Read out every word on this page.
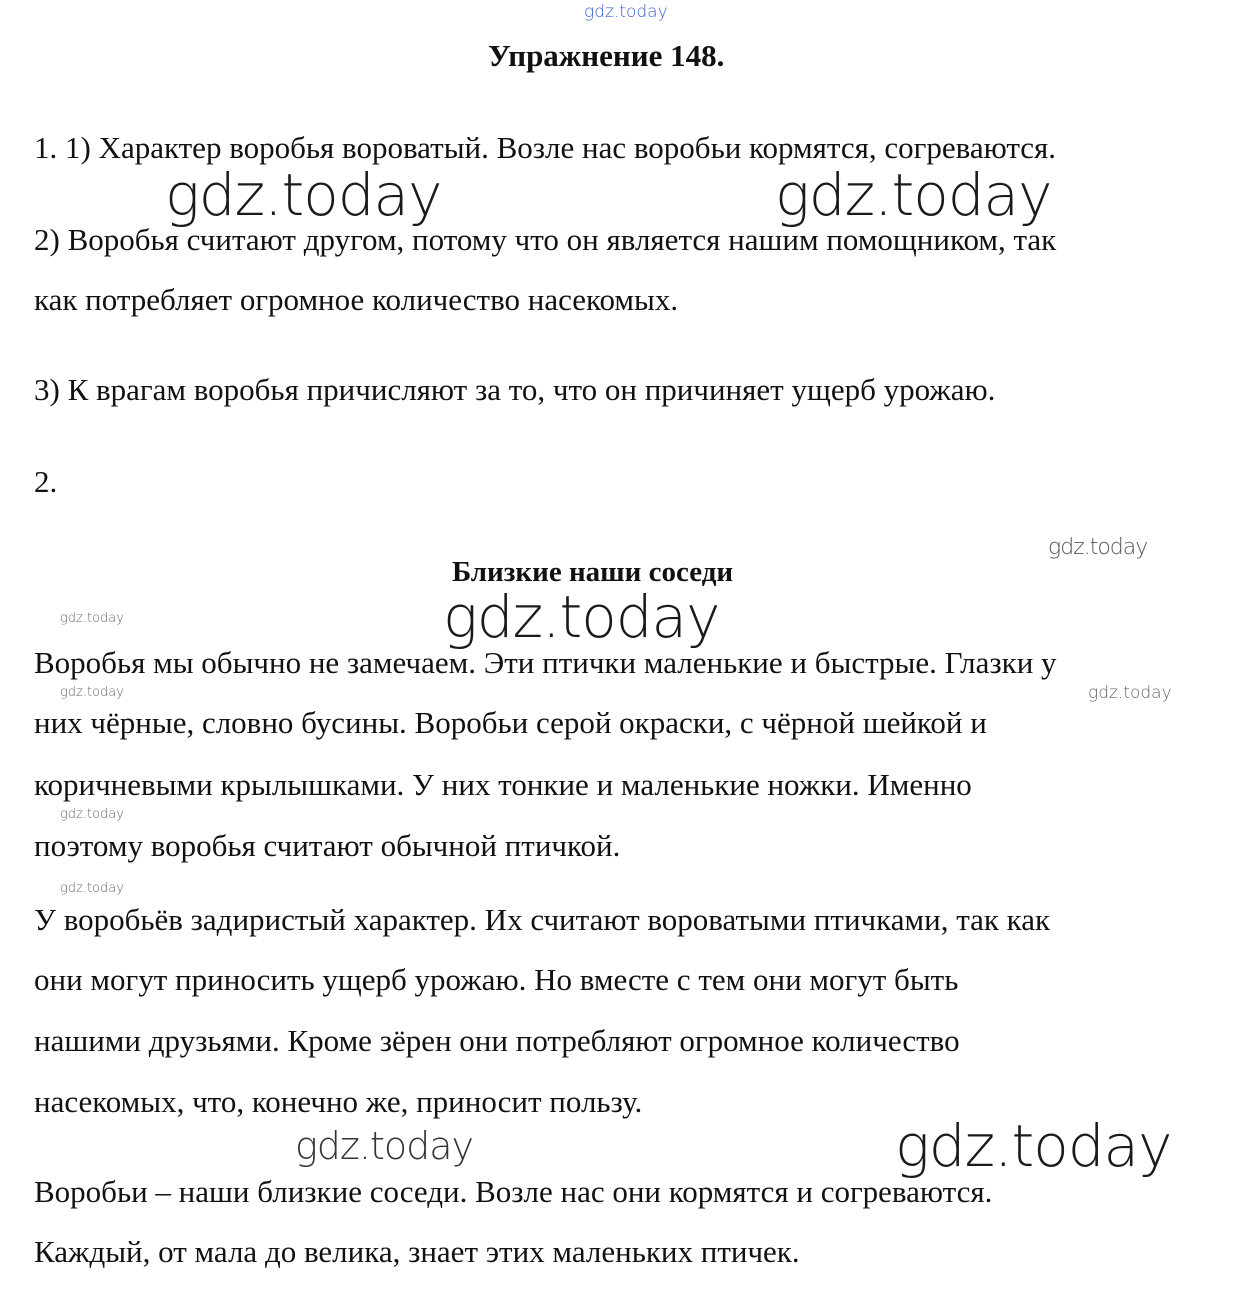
gdz.today
Упражнение 148.
1. 1) Характер воробья вороватый. Возле нас воробьи кормятся, согреваются.
2) Воробья считают другом, потому что он является нашим помощником, так
как потребляет огромное количество насекомых.
3) К врагам воробья причисляют за то, что он причиняет ущерб урожаю.
2.
Близкие наши соседи
Воробья мы обычно не замечаем. Эти птички маленькие и быстрые. Глазки у
них чёрные, словно бусины. Воробьи серой окраски, с чёрной шейкой и
коричневыми крылышками. У них тонкие и маленькие ножки. Именно
поэтому воробья считают обычной птичкой.
У воробьёв задиристый характер. Их считают вороватыми птичками, так как
они могут приносить ущерб урожаю. Но вместе с тем они могут быть
нашими друзьями. Кроме зёрен они потребляют огромное количество
насекомых, что, конечно же, приносит пользу.
Воробьи – наши близкие соседи. Возле нас они кормятся и согреваются.
Каждый, от мала до велика, знает этих маленьких птичек.
gdz.today	gdz.today
gdz.today
gdz.today
gdz.today
gdz.today
gdz.today
gdz.today	gdz.today
gdz.today
gdz.today
